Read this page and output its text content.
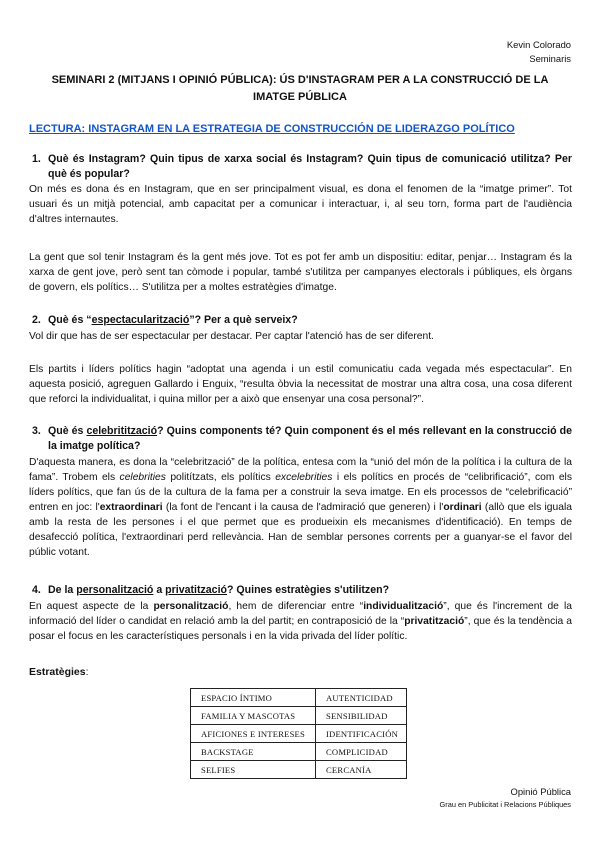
Kevin Colorado
Seminaris
SEMINARI 2 (MITJANS I OPINIÓ PÚBLICA): ÚS D'INSTAGRAM PER A LA CONSTRUCCIÓ DE LA IMATGE PÚBLICA
LECTURA: INSTAGRAM EN LA ESTRATEGIA DE CONSTRUCCIÓN DE LIDERAZGO POLÍTICO
1. Què és Instagram? Quin tipus de xarxa social és Instagram? Quin tipus de comunicació utilitza? Per què és popular?
On més es dona és en Instagram, que en ser principalment visual, es dona el fenomen de la “imatge primer”. Tot usuari és un mitjà potencial, amb capacitat per a comunicar i interactuar, i, al seu torn, forma part de l'audiència d'altres internautes.
La gent que sol tenir Instagram és la gent més jove. Tot es pot fer amb un dispositiu: editar, penjar… Instagram és la xarxa de gent jove, però sent tan còmode i popular, també s'utilitza per campanyes electorals i públiques, els òrgans de govern, els polítics… S'utilitza per a moltes estratègies d'imatge.
2. Què és “espectacularització”? Per a què serveix?
Vol dir que has de ser espectacular per destacar. Per captar l'atenció has de ser diferent.
Els partits i líders polítics hagin “adoptat una agenda i un estil comunicatiu cada vegada més espectacular”. En aquesta posició, agreguen Gallardo i Enguix, “resulta òbvia la necessitat de mostrar una altra cosa, una cosa diferent que reforci la individualitat, i quina millor per a això que ensenyar una cosa personal?”.
3. Què és celebritització? Quins components té? Quin component és el més rellevant en la construcció de la imatge política?
D'aquesta manera, es dona la “celebrització” de la política, entesa com la “unió del món de la política i la cultura de la fama”. Trobem els celebrities politítzats, els polítics excelebrities i els polítics en procés de “celibrificació”, com els líders polítics, que fan ús de la cultura de la fama per a construir la seva imatge. En els processos de “celebrificació” entren en joc: l'extraordinari (la font de l'encant i la causa de l'admiració que generen) i l'ordinari (allò que els iguala amb la resta de les persones i el que permet que es produeixin els mecanismes d'identificació). En temps de desafecció política, l'extraordinari perd rellevància. Han de semblar persones corrents per a guanyar-se el favor del públic votant.
4. De la personalització a privatització? Quines estratègies s'utilitzen?
En aquest aspecte de la personalització, hem de diferenciar entre “individualització”, que és l'increment de la informació del líder o candidat en relació amb la del partit; en contraposició de la “privatització”, que és la tendència a posar el focus en les característiques personals i en la vida privada del líder polític.
Estratègies:
ESPACIO ÍNTIMO	AUTENTICIDAD
FAMILIA Y MASCOTAS	SENSIBILIDAD
AFICIONES E INTERESES	IDENTIFICACIÓN
BACKSTAGE	COMPLICIDAD
SELFIES	CERCANÍA
Opinió Pública
Grau en Publicitat i Relacions Públiques
